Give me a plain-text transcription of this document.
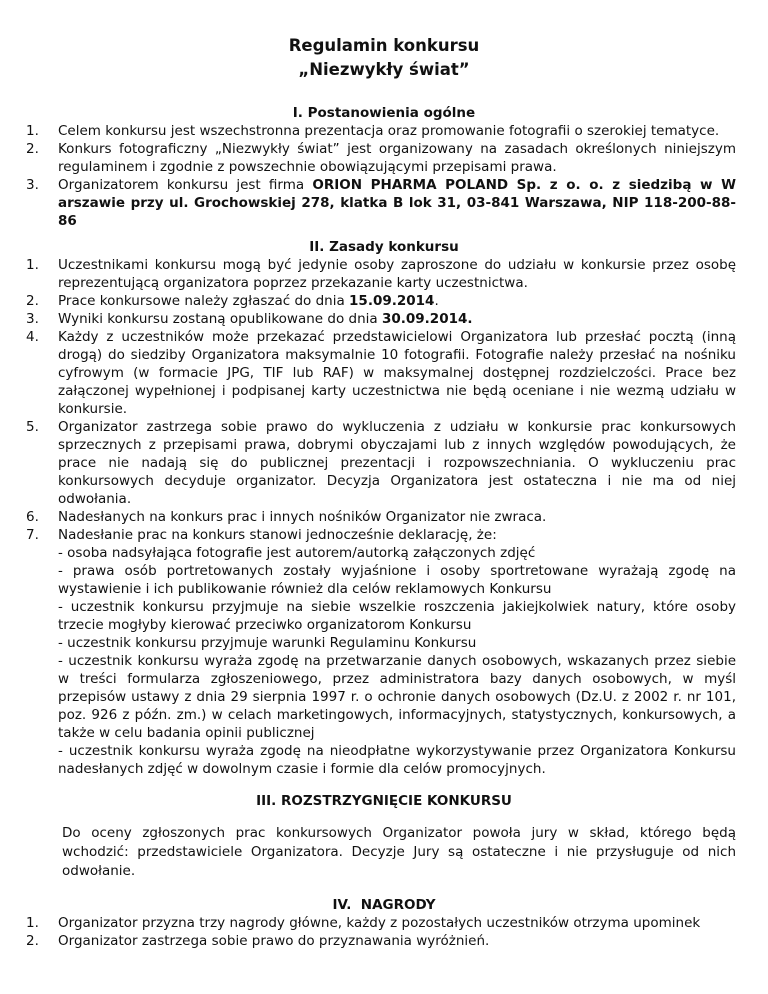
Regulamin konkursu
„Niezwykły świat”
I. Postanowienia ogólne
1.	Celem konkursu jest wszechstronna prezentacja oraz promowanie fotografii o szerokiej tematyce.
2.	Konkurs fotograficzny „Niezwykły świat” jest organizowany na zasadach określonych niniejszym regulaminem i zgodnie z powszechnie obowiązującymi przepisami prawa.
3.	Organizatorem konkursu jest firma ORION PHARMA POLAND Sp. z o. o. z siedzibą w W arszawie przy ul. Grochowskiej 278, klatka B lok 31, 03-841 Warszawa, NIP 118-200-88-86
II. Zasady konkursu
1.	Uczestnikami konkursu mogą być jedynie osoby zaproszone do udziału w konkursie przez osobę reprezentującą organizatora poprzez przekazanie karty uczestnictwa.
2.	Prace konkursowe należy zgłaszać do dnia 15.09.2014.
3.	Wyniki konkursu zostaną opublikowane do dnia 30.09.2014.
4.	Każdy z uczestników może przekazać przedstawicielowi Organizatora lub przesłać pocztą (inną drogą) do siedziby Organizatora maksymalnie 10 fotografii. Fotografie należy przesłać na nośniku cyfrowym (w formacie JPG, TIF lub RAF) w maksymalnej dostępnej rozdzielczości. Prace bez załączonej wypełnionej i podpisanej karty uczestnictwa nie będą oceniane i nie wezmą udziału w konkursie.
5.	Organizator zastrzega sobie prawo do wykluczenia z udziału w konkursie prac konkursowych sprzecznych z przepisami prawa, dobrymi obyczajami lub z innych względów powodujących, że prace nie nadają się do publicznej prezentacji i rozpowszechniania. O wykluczeniu prac konkursowych decyduje organizator. Decyzja Organizatora jest ostateczna i nie ma od niej odwołania.
6.	Nadesłanych na konkurs prac i innych nośników Organizator nie zwraca.
7.	Nadesłanie prac na konkurs stanowi jednocześnie deklarację, że:
- osoba nadsyłająca fotografie jest autorem/autorką załączonych zdjęć
- prawa osób portretowanych zostały wyjaśnione i osoby sportretowane wyrażają zgodę na wystawienie i ich publikowanie również dla celów reklamowych Konkursu
- uczestnik konkursu przyjmuje na siebie wszelkie roszczenia jakiejkolwiek natury, które osoby trzecie mogłyby kierować przeciwko organizatorom Konkursu
- uczestnik konkursu przyjmuje warunki Regulaminu Konkursu
- uczestnik konkursu wyraża zgodę na przetwarzanie danych osobowych, wskazanych przez siebie w treści formularza zgłoszeniowego, przez administratora bazy danych osobowych, w myśl przepisów ustawy z dnia 29 sierpnia 1997 r. o ochronie danych osobowych (Dz.U. z 2002 r. nr 101, poz. 926 z późn. zm.) w celach marketingowych, informacyjnych, statystycznych, konkursowych, a także w celu badania opinii publicznej
- uczestnik konkursu wyraża zgodę na nieodpłatne wykorzystywanie przez Organizatora Konkursu nadesłanych zdjęć w dowolnym czasie i formie dla celów promocyjnych.
III. ROZSTRZYGNIĘCIE KONKURSU
Do oceny zgłoszonych prac konkursowych Organizator powoła jury w skład, którego będą wchodzić: przedstawiciele Organizatora. Decyzje Jury są ostateczne i nie przysługuje od nich odwołanie.
IV.  NAGRODY
1.	Organizator przyzna trzy nagrody główne, każdy z pozostałych uczestników otrzyma upominek
2.	Organizator zastrzega sobie prawo do przyznawania wyróżnień.
